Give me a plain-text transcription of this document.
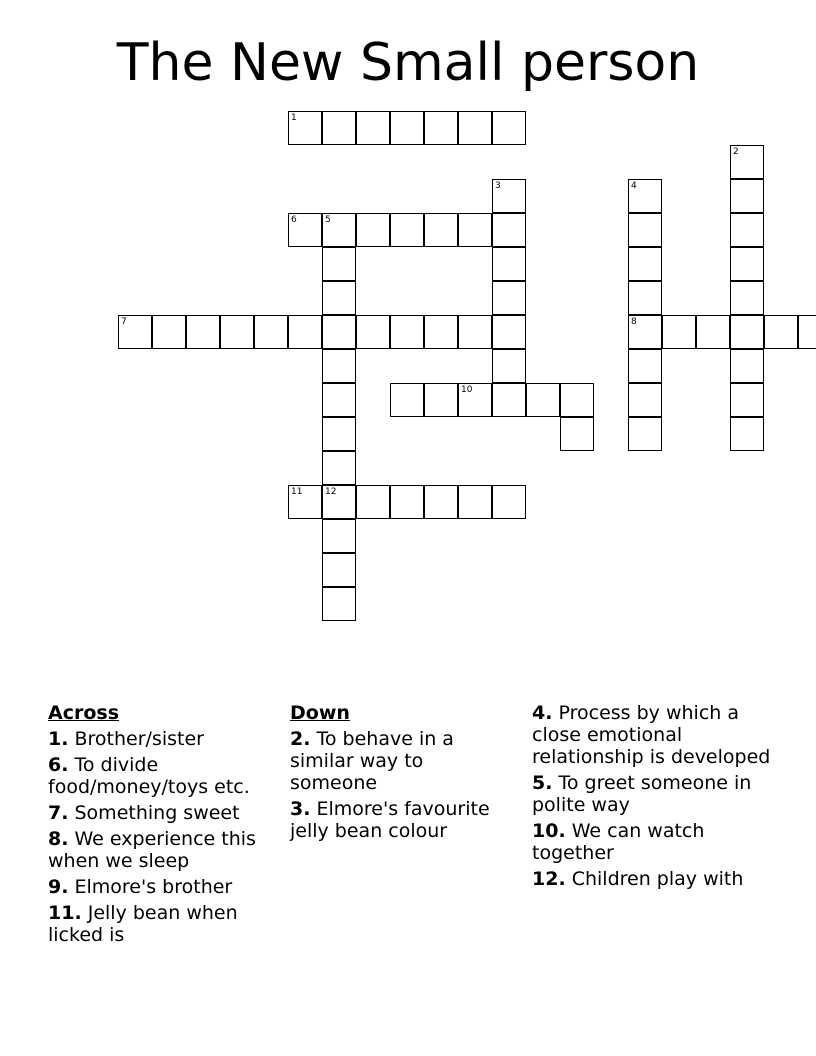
The New Small person
1
2
3	4
8
5
6
7
10
11	12
Across
1. Brother/sister
6. To divide food/money/toys etc.
7. Something sweet
8. We experience this when we sleep
9. Elmore's brother
11. Jelly bean when licked is
Down
2. To behave in a similar way to someone
3. Elmore's favourite jelly bean colour
4. Process by which a close emotional relationship is developed
5. To greet someone in polite way
10. We can watch together
12. Children play with
